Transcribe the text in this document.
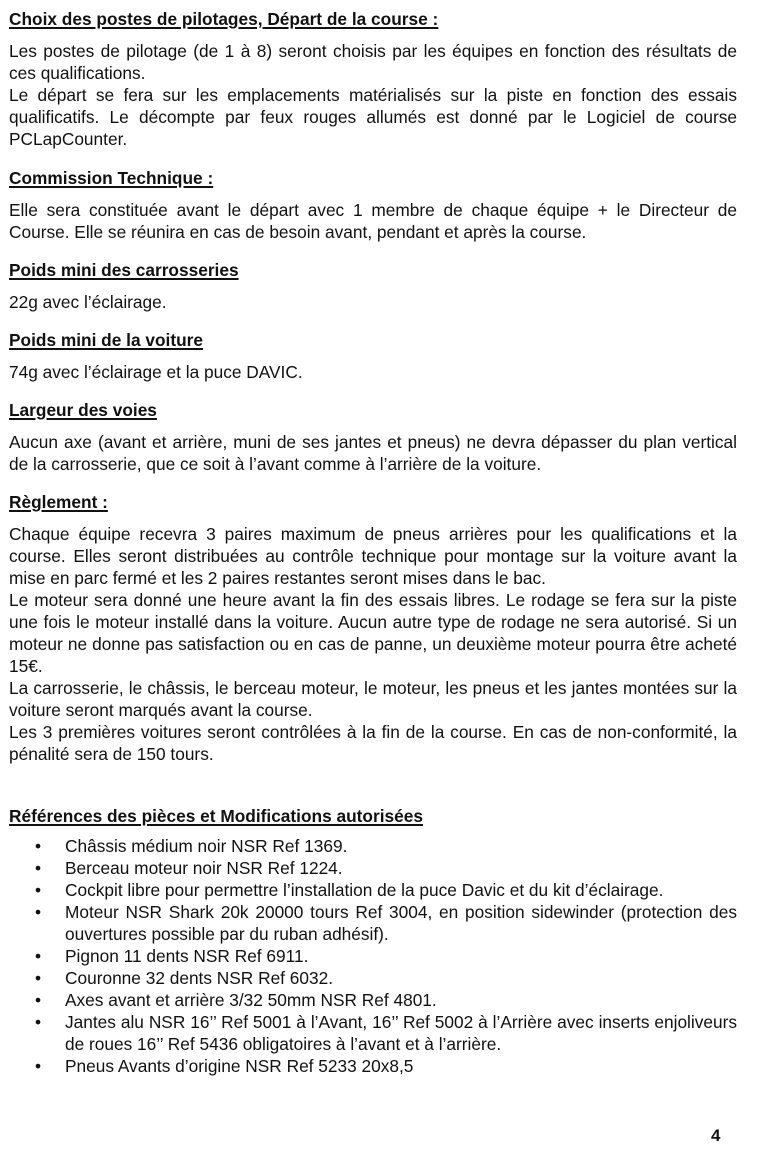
Choix des postes de pilotages, Départ de la course :

Les postes de pilotage (de 1 à 8) seront choisis par les équipes en fonction des résultats de ces qualifications.

Le départ se fera sur les emplacements matérialisés sur la piste en fonction des essais qualificatifs. Le décompte par feux rouges allumés est donné par le Logiciel de course PCLapCounter.

Commission Technique :

Elle sera constituée avant le départ avec 1 membre de chaque équipe + le Directeur de Course. Elle se réunira en cas de besoin avant, pendant et après la course.

Poids mini des carrosseries

22g avec l’éclairage.

Poids mini de la voiture

74g avec l’éclairage et la puce DAVIC.

Largeur des voies

Aucun axe (avant et arrière, muni de ses jantes et pneus) ne devra dépasser du plan vertical de la carrosserie, que ce soit à l’avant comme à l’arrière de la voiture.

Règlement :

Chaque équipe recevra 3 paires maximum de pneus arrières pour les qualifications et la course. Elles seront distribuées au contrôle technique pour montage sur la voiture avant la mise en parc fermé et les 2 paires restantes seront mises dans le bac.

Le moteur sera donné une heure avant la fin des essais libres. Le rodage se fera sur la piste une fois le moteur installé dans la voiture. Aucun autre type de rodage ne sera autorisé. Si un moteur ne donne pas satisfaction ou en cas de panne, un deuxième moteur pourra être acheté 15€.

La carrosserie, le châssis, le berceau moteur, le moteur, les pneus et les jantes montées sur la voiture seront marqués avant la course.

Les 3 premières voitures seront contrôlées à la fin de la course. En cas de non-conformité, la pénalité sera de 150 tours.

Références des pièces et Modifications autorisées
• Châssis médium noir NSR Ref 1369.
• Berceau moteur noir NSR Ref 1224.
• Cockpit libre pour permettre l’installation de la puce Davic et du kit d’éclairage.
• Moteur NSR Shark 20k 20000 tours Ref 3004, en position sidewinder (protection des ouvertures possible par du ruban adhésif).
• Pignon 11 dents NSR Ref 6911.
• Couronne 32 dents NSR Ref 6032.
• Axes avant et arrière 3/32 50mm NSR Ref 4801.
• Jantes alu NSR 16’’ Ref 5001 à l’Avant, 16’’ Ref 5002 à l’Arrière avec inserts enjoliveurs de roues 16’’ Ref 5436 obligatoires à l’avant et à l’arrière.
• Pneus Avants d’origine NSR Ref 5233 20x8,5
4
